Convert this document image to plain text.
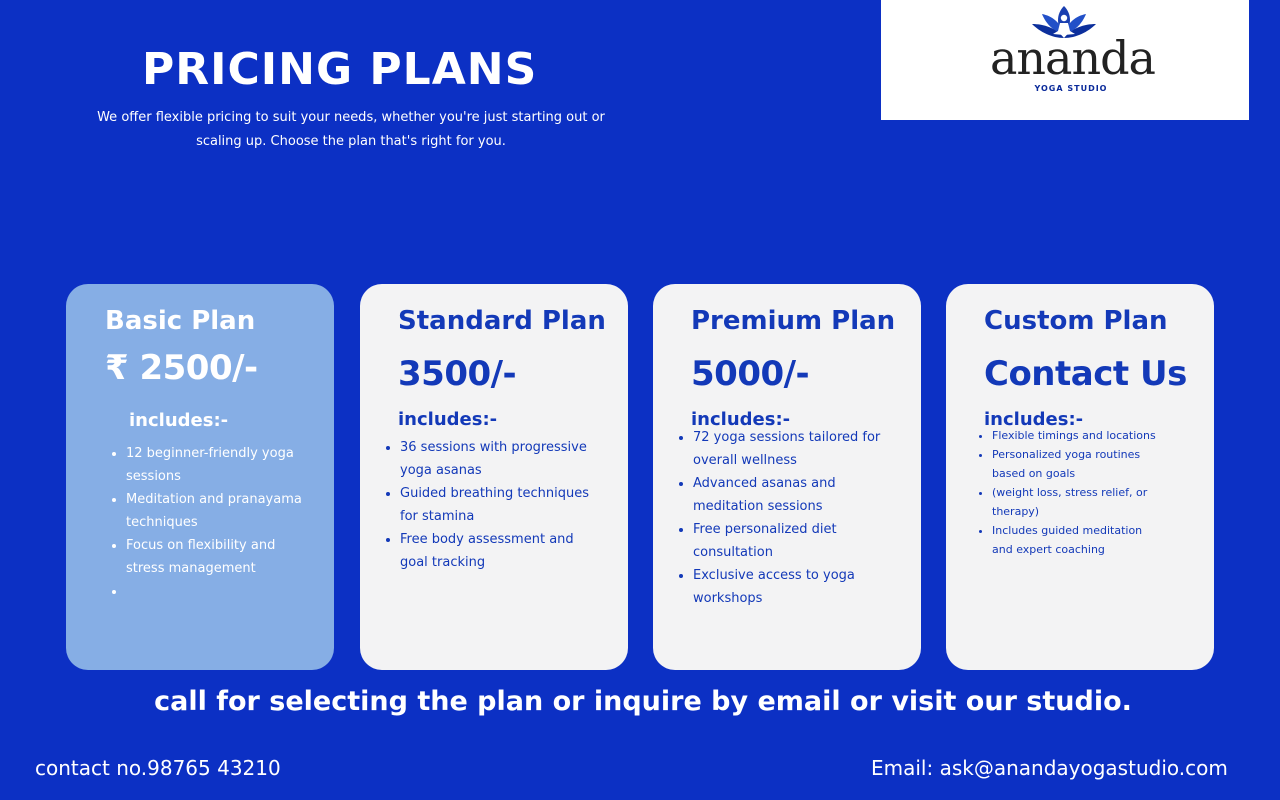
PRICING PLANS

We offer flexible pricing to suit your needs, whether you're just starting out or scaling up. Choose the plan that's right for you.

ananda
YOGA STUDIO
Basic Plan
₹ 2500/-
includes:-
• 12 beginner-friendly yoga sessions
• Meditation and pranayama techniques
• Focus on flexibility and stress management
•
Standard Plan
3500/-
includes:-
• 36 sessions with progressive yoga asanas
• Guided breathing techniques for stamina
• Free body assessment and goal tracking
Premium Plan
5000/-
includes:-
• 72 yoga sessions tailored for overall wellness
• Advanced asanas and meditation sessions
• Free personalized diet consultation
• Exclusive access to yoga workshops
Custom Plan
Contact Us
includes:-
• Flexible timings and locations
• Personalized yoga routines based on goals
• (weight loss, stress relief, or therapy)
• Includes guided meditation and expert coaching
call for selecting the plan or inquire by email or visit our studio.
contact no.98765 43210	Email: ask@anandayogastudio.com
